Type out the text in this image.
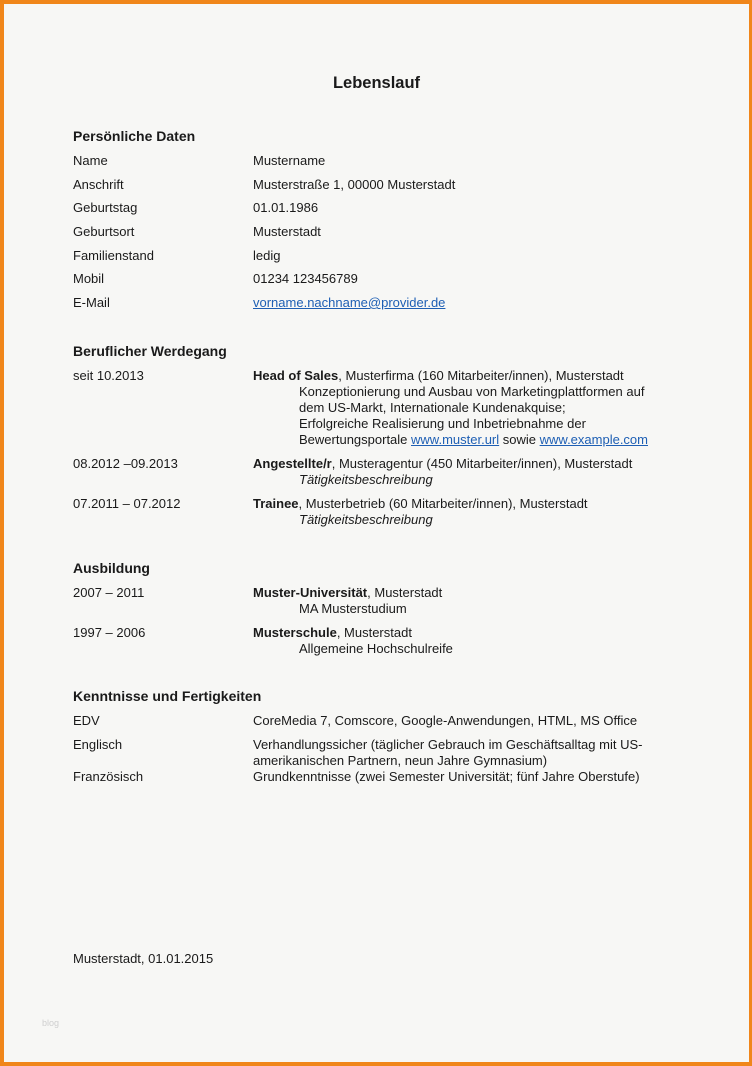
Lebenslauf
Persönliche Daten
Name	Mustername
Anschrift	Musterstraße 1, 00000 Musterstadt
Geburtstag	01.01.1986
Geburtsort	Musterstadt
Familienstand	ledig
Mobil	01234 123456789
E-Mail	vorname.nachname@provider.de
Beruflicher Werdegang
seit 10.2013	Head of Sales, Musterfirma (160 Mitarbeiter/innen), Musterstadt
Konzeptionierung und Ausbau von Marketingplattformen auf
dem US-Markt, Internationale Kundenakquise;
Erfolgreiche Realisierung und Inbetriebnahme der
Bewertungsportale www.muster.url sowie www.example.com
08.2012 –09.2013	Angestellte/r, Musteragentur (450 Mitarbeiter/innen), Musterstadt
Tätigkeitsbeschreibung
07.2011 – 07.2012	Trainee, Musterbetrieb (60 Mitarbeiter/innen), Musterstadt
Tätigkeitsbeschreibung
Ausbildung
2007 – 2011	Muster-Universität, Musterstadt
MA Musterstudium
1997 – 2006	Musterschule, Musterstadt
Allgemeine Hochschulreife
Kenntnisse und Fertigkeiten
EDV	CoreMedia 7, Comscore, Google-Anwendungen, HTML, MS Office
Englisch	Verhandlungssicher (täglicher Gebrauch im Geschäftsalltag mit US-
amerikanischen Partnern, neun Jahre Gymnasium)
Französisch	Grundkenntnisse (zwei Semester Universität; fünf Jahre Oberstufe)
Musterstadt, 01.01.2015
blog
